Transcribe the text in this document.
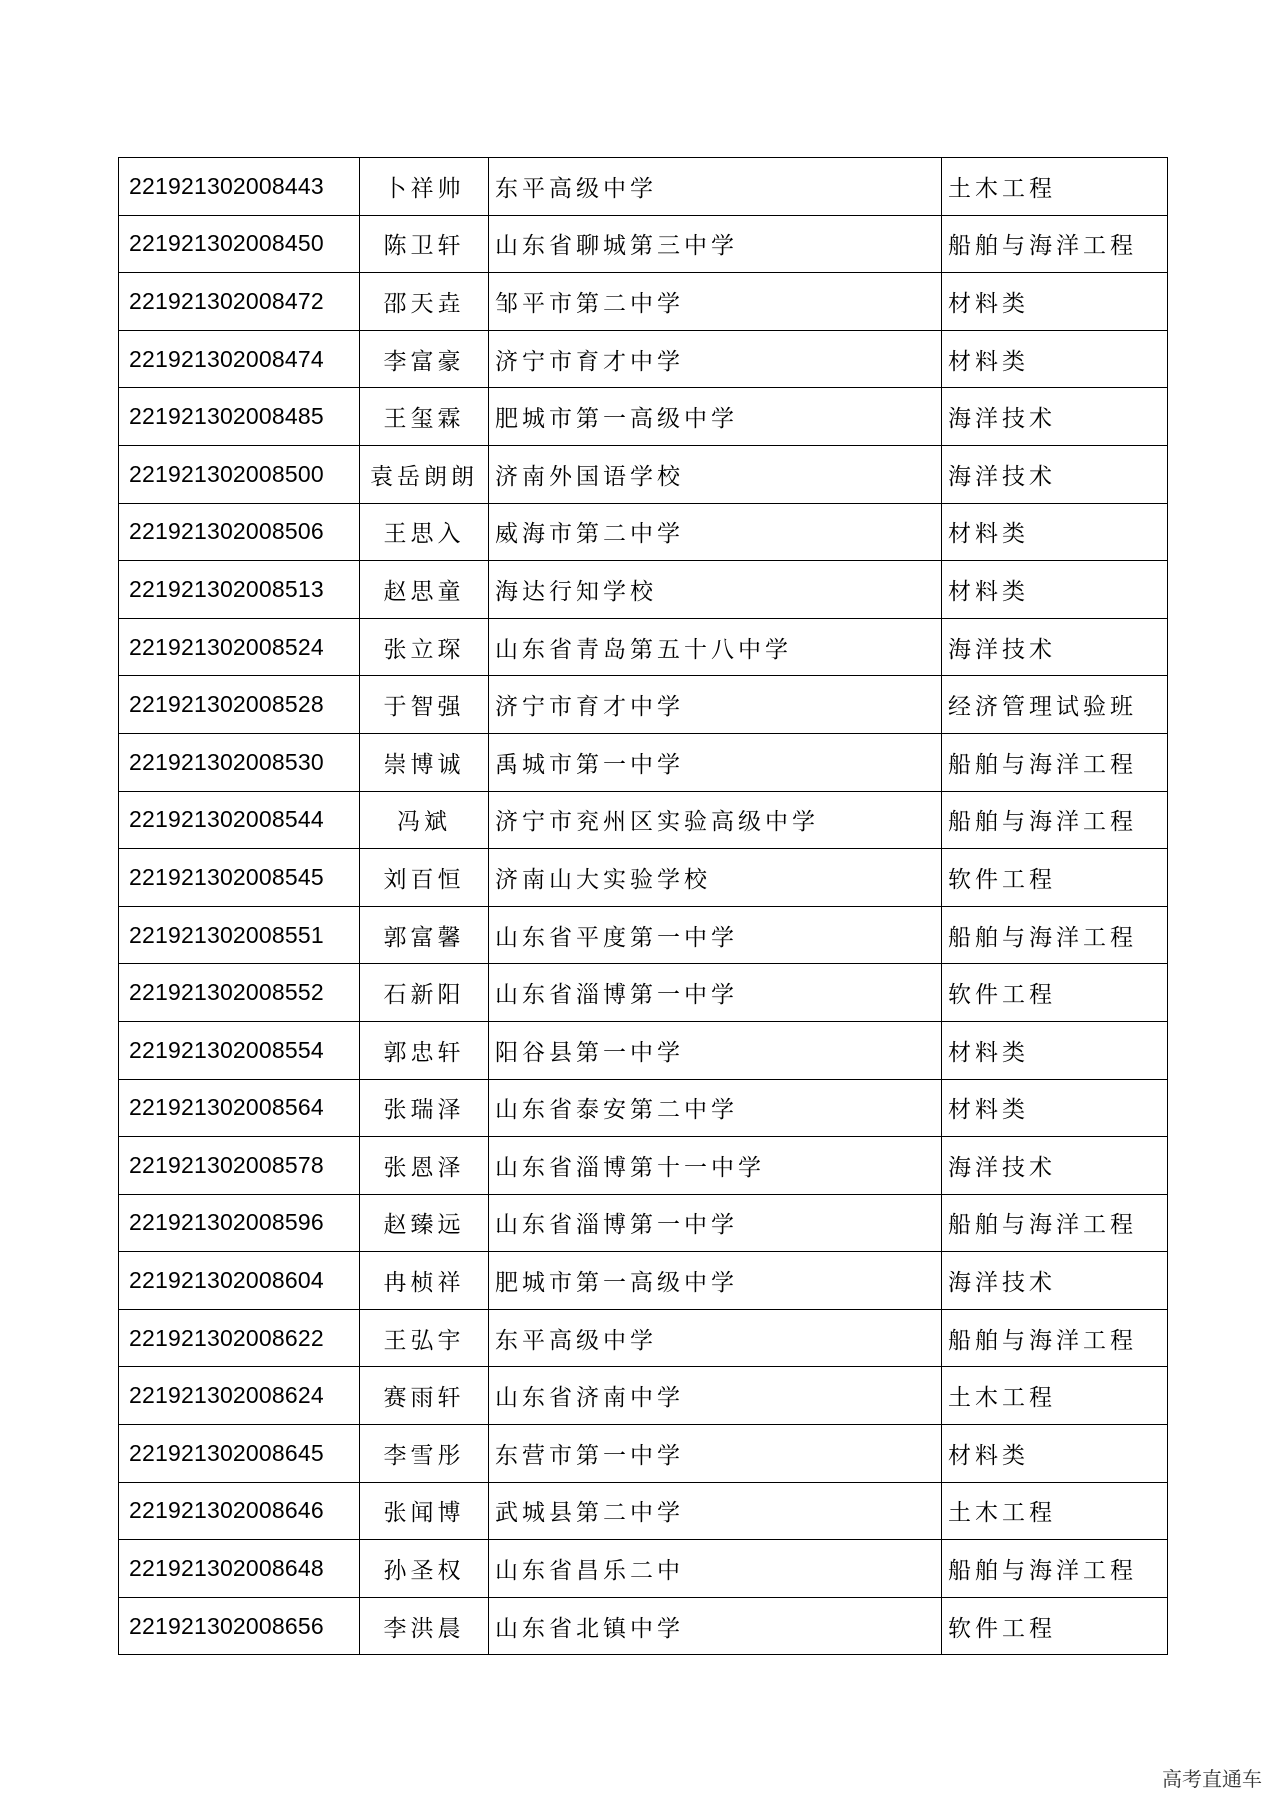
221921302008443	卜祥帅	东平高级中学	土木工程
221921302008450	陈卫轩	山东省聊城第三中学	船舶与海洋工程
221921302008472	邵天垚	邹平市第二中学	材料类
221921302008474	李富豪	济宁市育才中学	材料类
221921302008485	王玺霖	肥城市第一高级中学	海洋技术
221921302008500	袁岳朗朗	济南外国语学校	海洋技术
221921302008506	王思入	威海市第二中学	材料类
221921302008513	赵思童	海达行知学校	材料类
221921302008524	张立琛	山东省青岛第五十八中学	海洋技术
221921302008528	于智强	济宁市育才中学	经济管理试验班
221921302008530	崇博诚	禹城市第一中学	船舶与海洋工程
221921302008544	冯斌	济宁市兖州区实验高级中学	船舶与海洋工程
221921302008545	刘百恒	济南山大实验学校	软件工程
221921302008551	郭富馨	山东省平度第一中学	船舶与海洋工程
221921302008552	石新阳	山东省淄博第一中学	软件工程
221921302008554	郭忠轩	阳谷县第一中学	材料类
221921302008564	张瑞泽	山东省泰安第二中学	材料类
221921302008578	张恩泽	山东省淄博第十一中学	海洋技术
221921302008596	赵臻远	山东省淄博第一中学	船舶与海洋工程
221921302008604	冉桢祥	肥城市第一高级中学	海洋技术
221921302008622	王弘宇	东平高级中学	船舶与海洋工程
221921302008624	赛雨轩	山东省济南中学	土木工程
221921302008645	李雪彤	东营市第一中学	材料类
221921302008646	张闻博	武城县第二中学	土木工程
221921302008648	孙圣权	山东省昌乐二中	船舶与海洋工程
221921302008656	李洪晨	山东省北镇中学	软件工程
高考直通车
